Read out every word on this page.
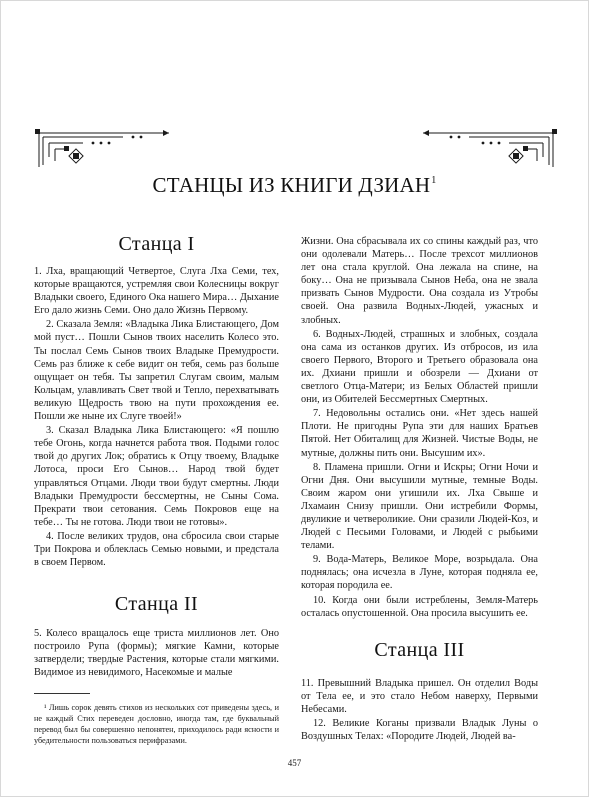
СТАНЦЫ ИЗ КНИГИ ДЗИАН$^1$
Станца I

1. Лха, вращающий Четвертое, Слуга Лха Семи, тех, которые вращаются, устремляя свои Колесницы вокруг Владыки своего, Единого Ока нашего Мира… Дыхание Его дало жизнь Семи. Оно дало Жизнь Первому.

2. Сказала Земля: «Владыка Лика Блистающего, Дом мой пуст… Пошли Сынов твоих населить Колесо это. Ты послал Семь Сынов твоих Владыке Премудрости. Семь раз ближе к себе видит он тебя, семь раз больше ощущает он тебя. Ты запретил Слугам своим, малым Кольцам, улавливать Свет твой и Тепло, перехватывать великую Щедрость твою на пути прохождения ее. Пошли же ныне их Слуге твоей!»

3. Сказал Владыка Лика Блистающего: «Я пошлю тебе Огонь, когда начнется работа твоя. Подыми голос твой до других Лок; обратись к Отцу твоему, Владыке Лотоса, проси Его Сынов… Народ твой будет управляться Отцами. Люди твои будут смертны. Люди Владыки Премудрости бессмертны, не Сыны Сома. Прекрати твои сетования. Семь Покровов еще на тебе… Ты не готова. Люди твои не готовы».

4. После великих трудов, она сбросила свои старые Три Покрова и облеклась Семью новыми, и предстала в своем Первом.

Станца II

5. Колесо вращалось еще триста миллионов лет. Оно построило Рупа (формы); мягкие Камни, которые затвердели; твердые Растения, которые стали мягкими. Видимое из невидимого, Насекомые и малые

Жизни. Она сбрасывала их со спины каждый раз, что они одолевали Матерь… После трехсот миллионов лет она стала круглой. Она лежала на спине, на боку… Она не призывала Сынов Неба, она не звала призвать Сынов Мудрости. Она создала из Утробы своей. Она развила Водных-Людей, ужасных и злобных.

6. Водных-Людей, страшных и злобных, создала она сама из останков других. Из отбросов, из ила своего Первого, Второго и Третьего образовала она их. Дхиани пришли и обозрели — Дхиани от светлого Отца-Матери; из Белых Областей пришли они, из Обителей Бессмертных Смертных.

7. Недовольны остались они. «Нет здесь нашей Плоти. Не пригодны Рупа эти для наших Братьев Пятой. Нет Обиталищ для Жизней. Чистые Воды, не мутные, должны пить они. Высушим их».

8. Пламена пришли. Огни и Искры; Огни Ночи и Огни Дня. Они высушили мутные, темные Воды. Своим жаром они угишили их. Лха Свыше и Лхамаин Снизу пришли. Они истребили Формы, двуликие и четвероликие. Они сразили Людей-Коз, и Людей с Песьими Головами, и Людей с рыбьими телами.

9. Вода-Матерь, Великое Море, возрыдала. Она поднялась; она исчезла в Луне, которая подняла ее, которая породила ее.

10. Когда они были истреблены, Земля-Матерь осталась опустошенной. Она просила высушить ее.

Станца III

11. Превышний Владыка пришел. Он отделил Воды от Тела ее, и это стало Небом наверху, Первыми Небесами.

12. Великие Коганы призвали Владык Луны о Воздушных Телах: «Породите Людей, Людей ва-

¹ Лишь сорок девять стихов из нескольких сот приведены здесь, и не каждый Стих переведен дословно, иногда там, где буквальный перевод был бы совершенно непонятен, приходилось ради ясности и убедительности пользоваться перифразами.
457
